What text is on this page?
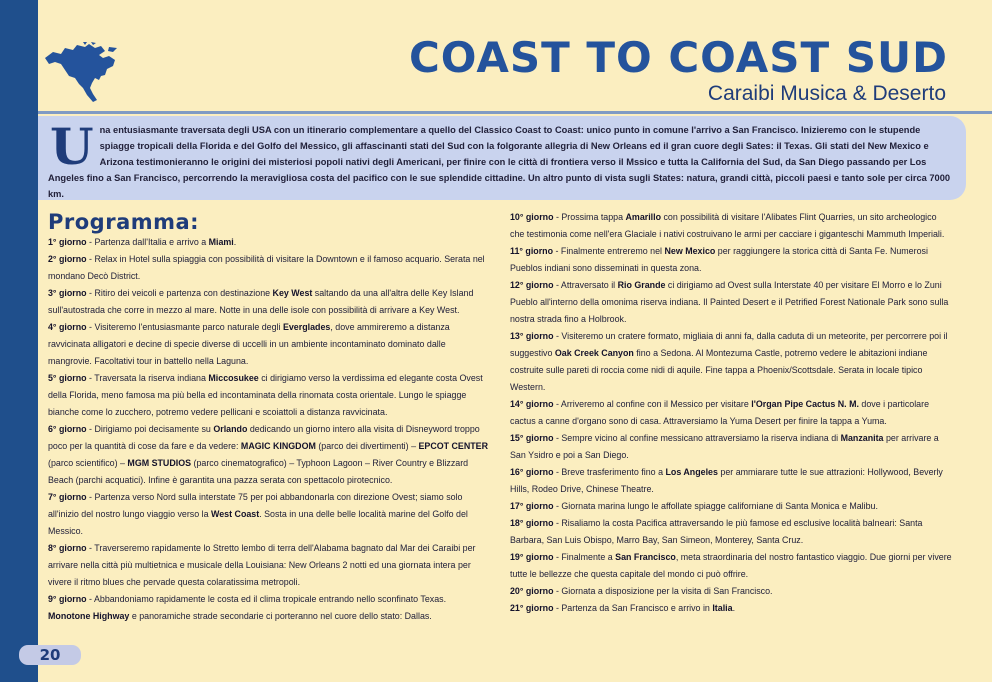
20
COAST TO COAST SUD
Caraibi Musica & Deserto
Una entusiasmante traversata degli USA con un itinerario complementare a quello del Classico Coast to Coast: unico punto in comune l'arrivo a San Francisco. Inizieremo con le stupende spiagge tropicali della Florida e del Golfo del Messico, gli affascinanti stati del Sud con la folgorante allegria di New Orleans ed il gran cuore degli Sates: il Texas. Gli stati del New Mexico e Arizona testimonieranno le origini dei misteriosi popoli nativi degli Americani, per finire con le città di frontiera verso il Mssico e tutta la California del Sud, da San Diego passando per Los Angeles fino a San Francisco, percorrendo la meravigliosa costa del pacifico con le sue splendide cittadine. Un altro punto di vista sugli States: natura, grandi città, piccoli paesi e tanto sole per circa 7000 km.
Programma:

1° giorno - Partenza dall'Italia e arrivo a Miami.

2° giorno - Relax in Hotel sulla spiaggia con possibilità di visitare la Downtown e il famoso acquario. Serata nel mondano Decò District.

3° giorno - Ritiro dei veicoli e partenza con destinazione Key West saltando da una all'altra delle Key Island sull'autostrada che corre in mezzo al mare. Notte in una delle isole con possibilità di arrivare a Key West.

4° giorno - Visiteremo l'entusiasmante parco naturale degli Everglades, dove ammireremo a distanza ravvicinata alligatori e decine di specie diverse di uccelli in un ambiente incontaminato dominato dalle mangrovie. Facoltativi tour in battello nella Laguna.

5° giorno - Traversata la riserva indiana Miccosukee ci dirigiamo verso la verdissima ed elegante costa Ovest della Florida, meno famosa ma più bella ed incontaminata della rinomata costa orientale. Lungo le spiagge bianche come lo zucchero, potremo vedere pellicani e scoiattoli a distanza ravvicinata.

6° giorno - Dirigiamo poi decisamente su Orlando dedicando un giorno intero alla visita di Disneyword troppo poco per la quantità di cose da fare e da vedere: MAGIC KINGDOM (parco dei divertimenti) – EPCOT CENTER (parco scientifico) – MGM STUDIOS (parco cinematografico) – Typhoon Lagoon – River Country e Blizzard Beach (parchi acquatici). Infine è garantita una pazza serata con spettacolo pirotecnico.

7° giorno - Partenza verso Nord sulla interstate 75 per poi abbandonarla con direzione Ovest; siamo solo all'inizio del nostro lungo viaggio verso la West Coast. Sosta in una delle belle località marine del Golfo del Messico.

8° giorno - Traverseremo rapidamente lo Stretto lembo di terra dell'Alabama bagnato dal Mar dei Caraibi per arrivare nella città più multietnica e musicale della Louisiana: New Orleans 2 notti ed una giornata intera per vivere il ritmo blues che pervade questa colaratissima metropoli.

9° giorno - Abbandoniamo rapidamente le costa ed il clima tropicale entrando nello sconfinato Texas. Monotone Highway e panoramiche strade secondarie ci porteranno nel cuore dello stato: Dallas.

10° giorno - Prossima tappa Amarillo con possibilità di visitare l'Alibates Flint Quarries, un sito archeologico che testimonia come nell'era Glaciale i nativi costruivano le armi per cacciare i giganteschi Mammuth Imperiali.

11° giorno - Finalmente entreremo nel New Mexico per raggiungere la storica città di Santa Fe. Numerosi Pueblos indiani sono disseminati in questa zona.

12° giorno - Attraversato il Rio Grande ci dirigiamo ad Ovest sulla Interstate 40 per visitare El Morro e lo Zuni Pueblo all'interno della omonima riserva indiana. Il Painted Desert e il Petrified Forest Nationale Park sono sulla nostra strada fino a Holbrook.

13° giorno - Visiteremo un cratere formato, migliaia di anni fa, dalla caduta di un meteorite, per percorrere poi il suggestivo Oak Creek Canyon fino a Sedona. Al Montezuma Castle, potremo vedere le abitazioni indiane costruite sulle pareti di roccia come nidi di aquile. Fine tappa a Phoenix/Scottsdale. Serata in locale tipico Western.

14° giorno - Arriveremo al confine con il Messico per visitare l'Organ Pipe Cactus N. M. dove i particolare cactus a canne d'organo sono di casa. Attraversiamo la Yuma Desert per finire la tappa a Yuma.

15° giorno - Sempre vicino al confine messicano attraversiamo la riserva indiana di Manzanita per arrivare a San Ysidro e poi a San Diego.

16° giorno - Breve trasferimento fino a Los Angeles per ammiarare tutte le sue attrazioni: Hollywood, Beverly Hills, Rodeo Drive, Chinese Theatre.

17° giorno - Giornata marina lungo le affollate spiagge californiane di Santa Monica e Malibu.

18° giorno - Risaliamo la costa Pacifica attraversando le più famose ed esclusive località balneari: Santa Barbara, San Luis Obispo, Marro Bay, San Simeon, Monterey, Santa Cruz.

19° giorno - Finalmente a San Francisco, meta straordinaria del nostro fantastico viaggio. Due giorni per vivere tutte le bellezze che questa capitale del mondo ci può offrire.

20° giorno - Giornata a disposizione per la visita di San Francisco.

21° giorno - Partenza da San Francisco e arrivo in Italia.
